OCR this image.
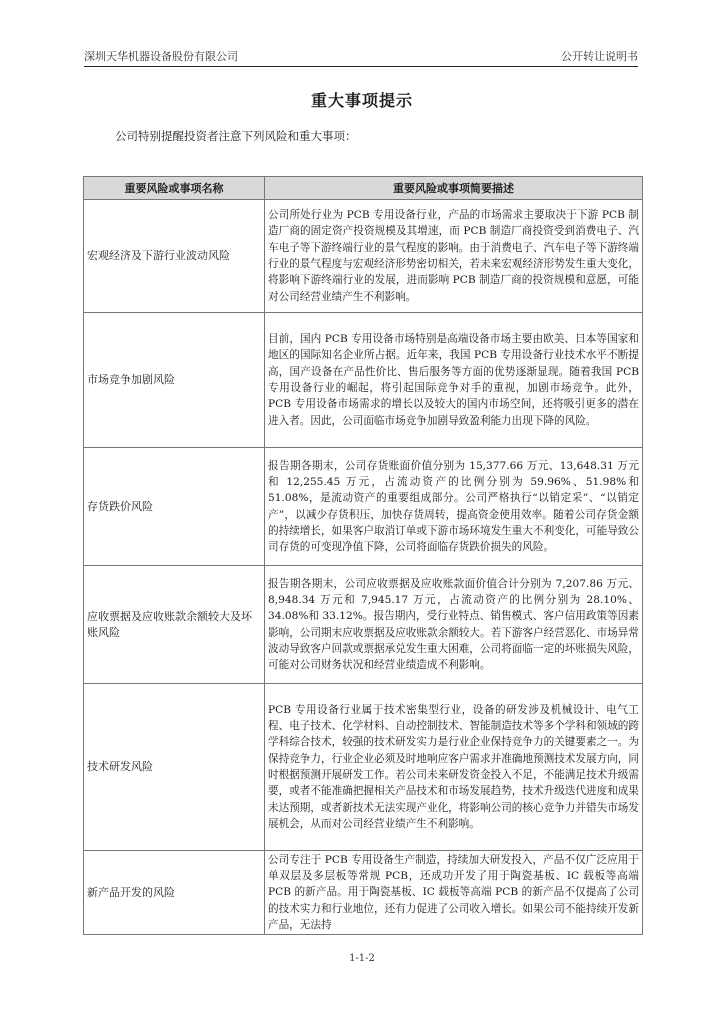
深圳天华机器设备股份有限公司	公开转让说明书
重大事项提示
公司特别提醒投资者注意下列风险和重大事项：
重要风险或事项名称	重要风险或事项简要描述
宏观经济及下游行业波动风险	公司所处行业为 PCB 专用设备行业，产品的市场需求主要取决于下游 PCB 制造厂商的固定资产投资规模及其增速，而 PCB 制造厂商投资受到消费电子、汽车电子等下游终端行业的景气程度的影响。由于消费电子、汽车电子等下游终端行业的景气程度与宏观经济形势密切相关，若未来宏观经济形势发生重大变化，将影响下游终端行业的发展，进而影响 PCB 制造厂商的投资规模和意愿，可能对公司经营业绩产生不利影响。
市场竞争加剧风险	目前，国内 PCB 专用设备市场特别是高端设备市场主要由欧美、日本等国家和地区的国际知名企业所占据。近年来，我国 PCB 专用设备行业技术水平不断提高，国产设备在产品性价比、售后服务等方面的优势逐渐显现。随着我国 PCB 专用设备行业的崛起，将引起国际竞争对手的重视，加剧市场竞争。此外，PCB 专用设备市场需求的增长以及较大的国内市场空间，还将吸引更多的潜在进入者。因此，公司面临市场竞争加剧导致盈利能力出现下降的风险。
存货跌价风险	报告期各期末，公司存货账面价值分别为 15,377.66 万元、13,648.31 万元和 12,255.45 万元，占流动资产的比例分别为 59.96%、51.98%和 51.08%，是流动资产的重要组成部分。公司严格执行“以销定采”、“以销定产”，以减少存货积压，加快存货周转，提高资金使用效率。随着公司存货金额的持续增长，如果客户取消订单或下游市场环境发生重大不利变化，可能导致公司存货的可变现净值下降，公司将面临存货跌价损失的风险。
应收票据及应收账款余额较大及坏账风险	报告期各期末，公司应收票据及应收账款面价值合计分别为 7,207.86 万元、8,948.34 万元和 7,945.17 万元，占流动资产的比例分别为 28.10%、34.08%和 33.12%。报告期内，受行业特点、销售模式、客户信用政策等因素影响，公司期末应收票据及应收账款余额较大。若下游客户经营恶化、市场异常波动导致客户回款或票据承兑发生重大困难，公司将面临一定的坏账损失风险，可能对公司财务状况和经营业绩造成不利影响。
技术研发风险	PCB 专用设备行业属于技术密集型行业，设备的研发涉及机械设计、电气工程、电子技术、化学材料、自动控制技术、智能制造技术等多个学科和领域的跨学科综合技术，较强的技术研发实力是行业企业保持竞争力的关键要素之一。为保持竞争力，行业企业必须及时地响应客户需求并准确地预测技术发展方向，同时根据预测开展研发工作。若公司未来研发资金投入不足，不能满足技术升级需要，或者不能准确把握相关产品技术和市场发展趋势，技术升级迭代进度和成果未达预期，或者新技术无法实现产业化，将影响公司的核心竞争力并错失市场发展机会，从而对公司经营业绩产生不利影响。
新产品开发的风险	公司专注于 PCB 专用设备生产制造，持续加大研发投入，产品不仅广泛应用于单双层及多层板等常规 PCB，还成功开发了用于陶瓷基板、IC 载板等高端 PCB 的新产品。用于陶瓷基板、IC 载板等高端 PCB 的新产品不仅提高了公司的技术实力和行业地位，还有力促进了公司收入增长。如果公司不能持续开发新产品，无法持
1-1-2
